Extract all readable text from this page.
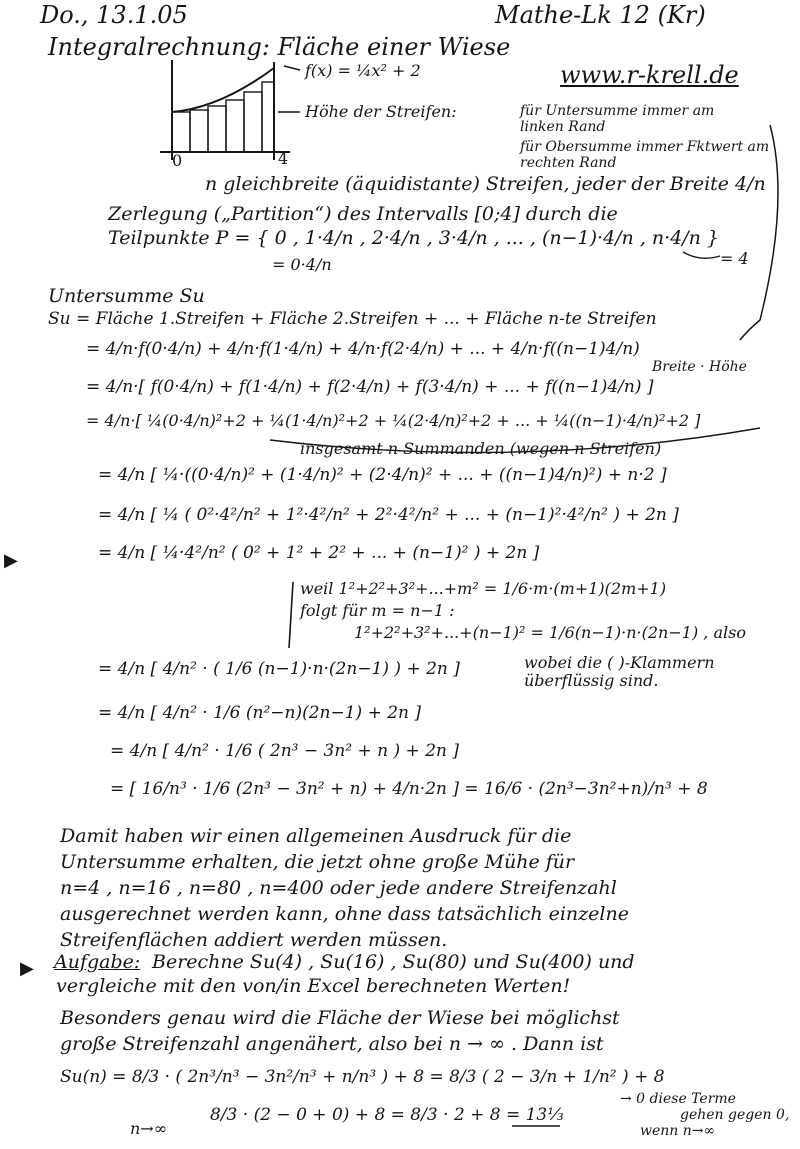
Do., 13.1.05	Mathe-Lk 12 (Kr)
Integralrechnung: Fläche einer Wiese
www.r-krell.de
f(x) = ¼x² + 2
0	4
Höhe der Streifen:	für Untersumme immer am linken Rand
für Obersumme immer Fktwert am rechten Rand
n gleichbreite (äquidistante) Streifen, jeder der Breite 4/n
Zerlegung („Partition“) des Intervalls [0;4] durch die
Teilpunkte P = { 0 , 1·4/n , 2·4/n , 3·4/n , ... , (n−1)·4/n , n·4/n }
= 0·4/n	= 4
Untersumme Su
Su = Fläche 1.Streifen + Fläche 2.Streifen + ... + Fläche n-te Streifen
= 4/n·f(0·4/n) + 4/n·f(1·4/n) + 4/n·f(2·4/n) + ... + 4/n·f((n−1)4/n)
Breite · Höhe
= 4/n·[ f(0·4/n) + f(1·4/n) + f(2·4/n) + f(3·4/n) + ... + f((n−1)4/n) ]
= 4/n·[ ¼(0·4/n)²+2 + ¼(1·4/n)²+2 + ¼(2·4/n)²+2 + ... + ¼((n−1)·4/n)²+2 ]
insgesamt n Summanden (wegen n Streifen)
= 4/n [ ¼·((0·4/n)² + (1·4/n)² + (2·4/n)² + ... + ((n−1)4/n)²) + n·2 ]
= 4/n [ ¼ ( 0²·4²/n² + 1²·4²/n² + 2²·4²/n² + ... + (n−1)²·4²/n² ) + 2n ]
▶	= 4/n [ ¼·4²/n² ( 0² + 1² + 2² + ... + (n−1)² ) + 2n ]
weil 1²+2²+3²+...+m² = 1/6·m·(m+1)(2m+1)
folgt für m = n−1 :
1²+2²+3²+...+(n−1)² = 1/6(n−1)·n·(2n−1) , also
= 4/n [ 4/n² · ( 1/6 (n−1)·n·(2n−1) ) + 2n ]	wobei die ( )-Klammern überflüssig sind.
= 4/n [ 4/n² · 1/6 (n²−n)(2n−1) + 2n ]
= 4/n [ 4/n² · 1/6 ( 2n³ − 3n² + n ) + 2n ]
= [ 16/n³ · 1/6 (2n³ − 3n² + n) + 4/n·2n ] = 16/6 · (2n³−3n²+n)/n³ + 8
Damit haben wir einen allgemeinen Ausdruck für die
Untersumme erhalten, die jetzt ohne große Mühe für
n=4 , n=16 , n=80 , n=400 oder jede andere Streifenzahl
ausgerechnet werden kann, ohne dass tatsächlich einzelne
Streifenflächen addiert werden müssen.
▶ Aufgabe: Berechne Su(4) , Su(16) , Su(80) und Su(400) und
vergleiche mit den von/in Excel berechneten Werten!
Besonders genau wird die Fläche der Wiese bei möglichst
große Streifenzahl angenähert, also bei n → ∞ . Dann ist
Su(n) = 8/3 · ( 2n³/n³ − 3n²/n³ + n/n³ ) + 8 = 8/3 ( 2 − 3/n + 1/n² ) + 8
→ 0 diese Terme
gehen gegen 0,
wenn n→∞
n→∞
8/3 · (2 − 0 + 0) + 8 = 8/3 · 2 + 8 = 13⅓
